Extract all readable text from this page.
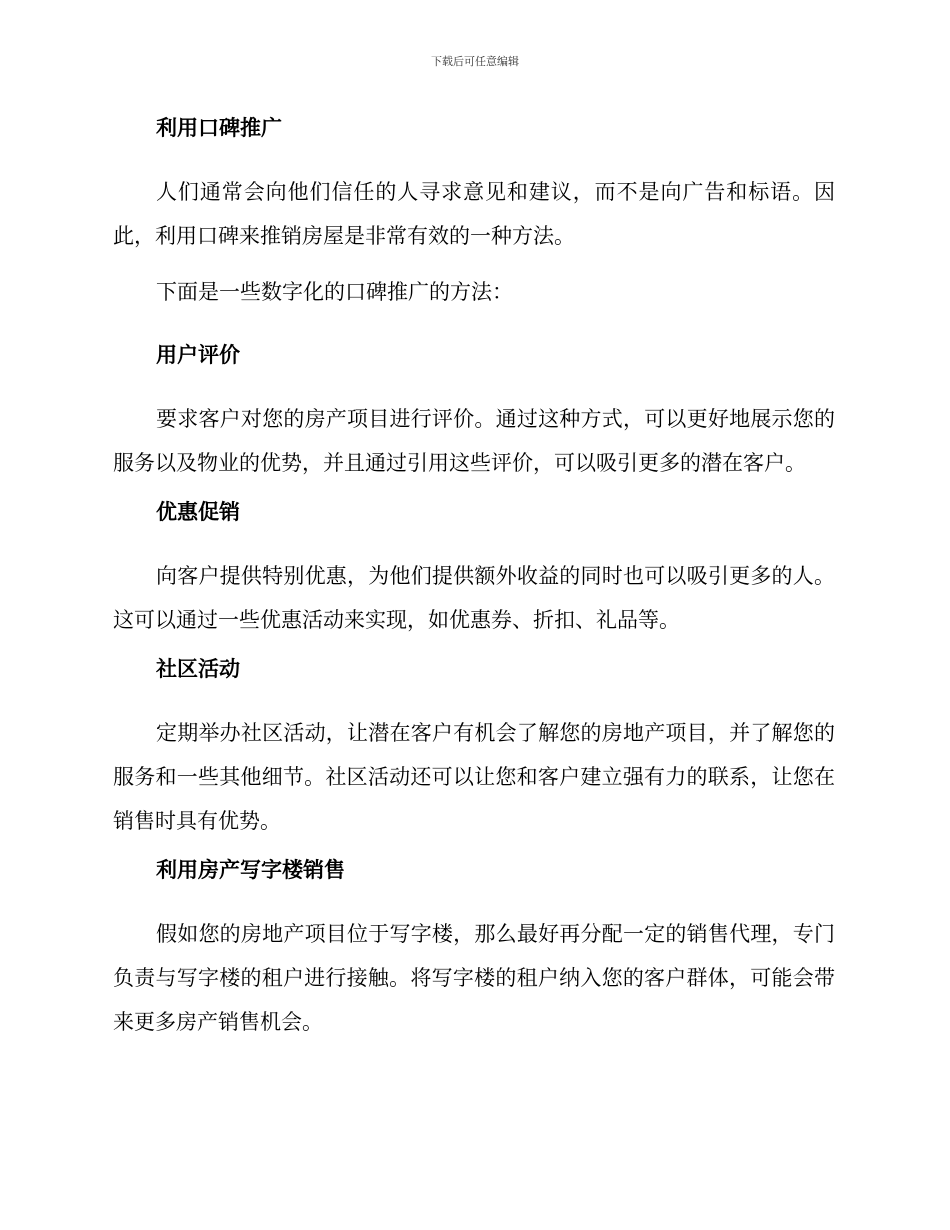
下载后可任意编辑
利用口碑推广

人们通常会向他们信任的人寻求意见和建议，而不是向广告和标语。因此，利用口碑来推销房屋是非常有效的一种方法。

下面是一些数字化的口碑推广的方法：

用户评价

要求客户对您的房产项目进行评价。通过这种方式，可以更好地展示您的服务以及物业的优势，并且通过引用这些评价，可以吸引更多的潜在客户。

优惠促销

向客户提供特别优惠，为他们提供额外收益的同时也可以吸引更多的人。这可以通过一些优惠活动来实现，如优惠券、折扣、礼品等。

社区活动

定期举办社区活动，让潜在客户有机会了解您的房地产项目，并了解您的服务和一些其他细节。社区活动还可以让您和客户建立强有力的联系，让您在销售时具有优势。

利用房产写字楼销售

假如您的房地产项目位于写字楼，那么最好再分配一定的销售代理，专门负责与写字楼的租户进行接触。将写字楼的租户纳入您的客户群体，可能会带来更多房产销售机会。
